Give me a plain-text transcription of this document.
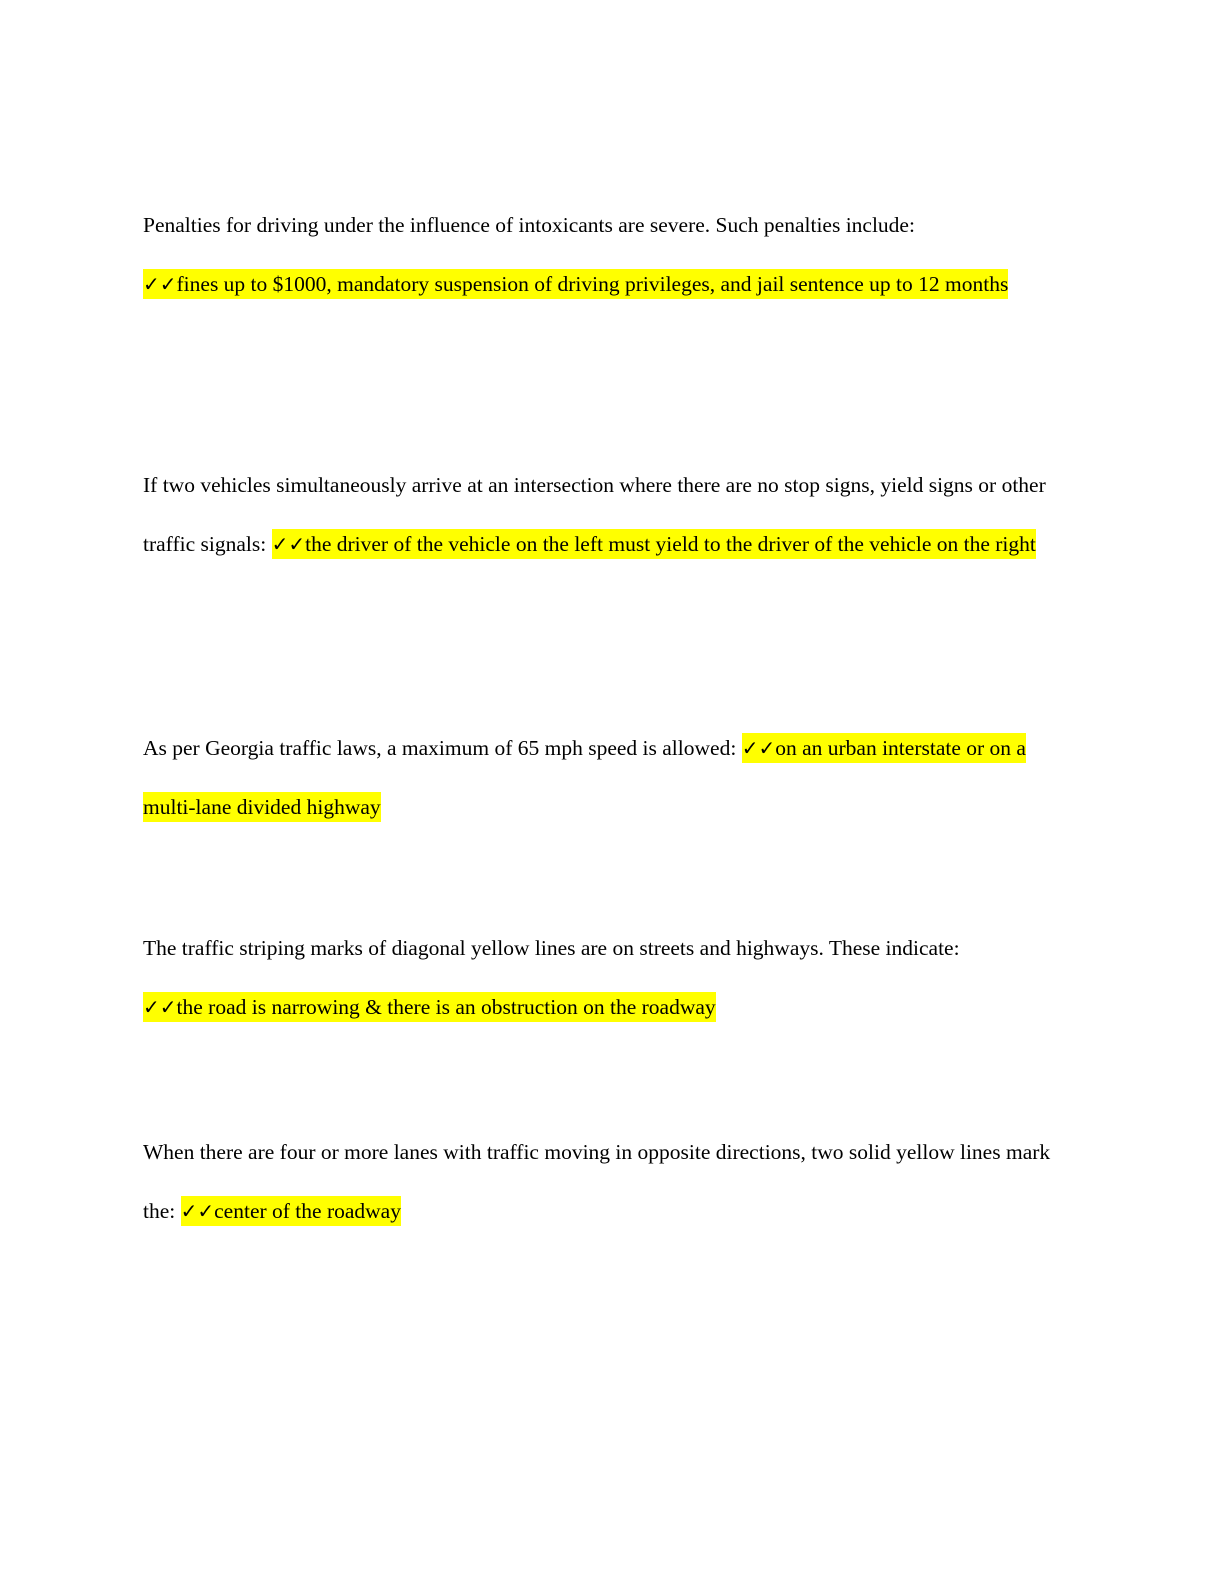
Penalties for driving under the influence of intoxicants are severe. Such penalties include:
✓✓fines up to $1000, mandatory suspension of driving privileges, and jail sentence up to 12 months

If two vehicles simultaneously arrive at an intersection where there are no stop signs, yield signs or other traffic signals: ✓✓the driver of the vehicle on the left must yield to the driver of the vehicle on the right

As per Georgia traffic laws, a maximum of 65 mph speed is allowed: ✓✓on an urban interstate or on a multi-lane divided highway

The traffic striping marks of diagonal yellow lines are on streets and highways. These indicate:
✓✓the road is narrowing & there is an obstruction on the roadway

When there are four or more lanes with traffic moving in opposite directions, two solid yellow lines mark the: ✓✓center of the roadway
